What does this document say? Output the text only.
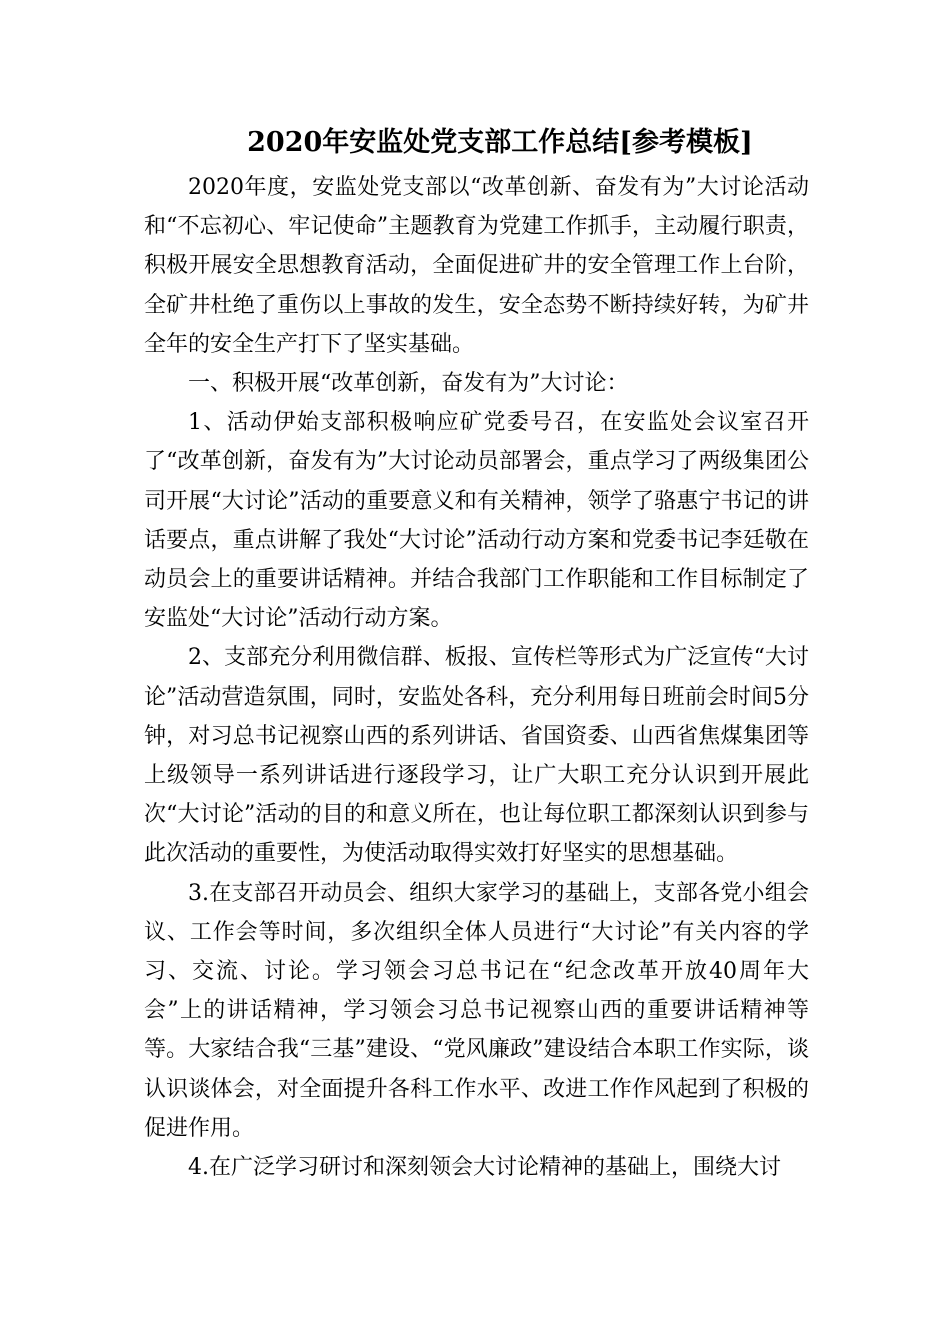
2020年安监处党支部工作总结[参考模板]

2020年度，安监处党支部以“改革创新、奋发有为”大讨论活动和“不忘初心、牢记使命”主题教育为党建工作抓手，主动履行职责，积极开展安全思想教育活动，全面促进矿井的安全管理工作上台阶，全矿井杜绝了重伤以上事故的发生，安全态势不断持续好转，为矿井全年的安全生产打下了坚实基础。

一、积极开展“改革创新，奋发有为”大讨论：

1、活动伊始支部积极响应矿党委号召，在安监处会议室召开了“改革创新，奋发有为”大讨论动员部署会，重点学习了两级集团公司开展“大讨论”活动的重要意义和有关精神，领学了骆惠宁书记的讲话要点，重点讲解了我处“大讨论”活动行动方案和党委书记李廷敬在动员会上的重要讲话精神。并结合我部门工作职能和工作目标制定了安监处“大讨论”活动行动方案。

2、支部充分利用微信群、板报、宣传栏等形式为广泛宣传“大讨论”活动营造氛围，同时，安监处各科，充分利用每日班前会时间5分钟，对习总书记视察山西的系列讲话、省国资委、山西省焦煤集团等上级领导一系列讲话进行逐段学习，让广大职工充分认识到开展此次“大讨论”活动的目的和意义所在，也让每位职工都深刻认识到参与此次活动的重要性，为使活动取得实效打好坚实的思想基础。

3.在支部召开动员会、组织大家学习的基础上，支部各党小组会议、工作会等时间，多次组织全体人员进行“大讨论”有关内容的学习、交流、讨论。学习领会习总书记在“纪念改革开放40周年大会”上的讲话精神，学习领会习总书记视察山西的重要讲话精神等等。大家结合我“三基”建设、“党风廉政”建设结合本职工作实际，谈认识谈体会，对全面提升各科工作水平、改进工作作风起到了积极的促进作用。

4.在广泛学习研讨和深刻领会大讨论精神的基础上，围绕大讨
